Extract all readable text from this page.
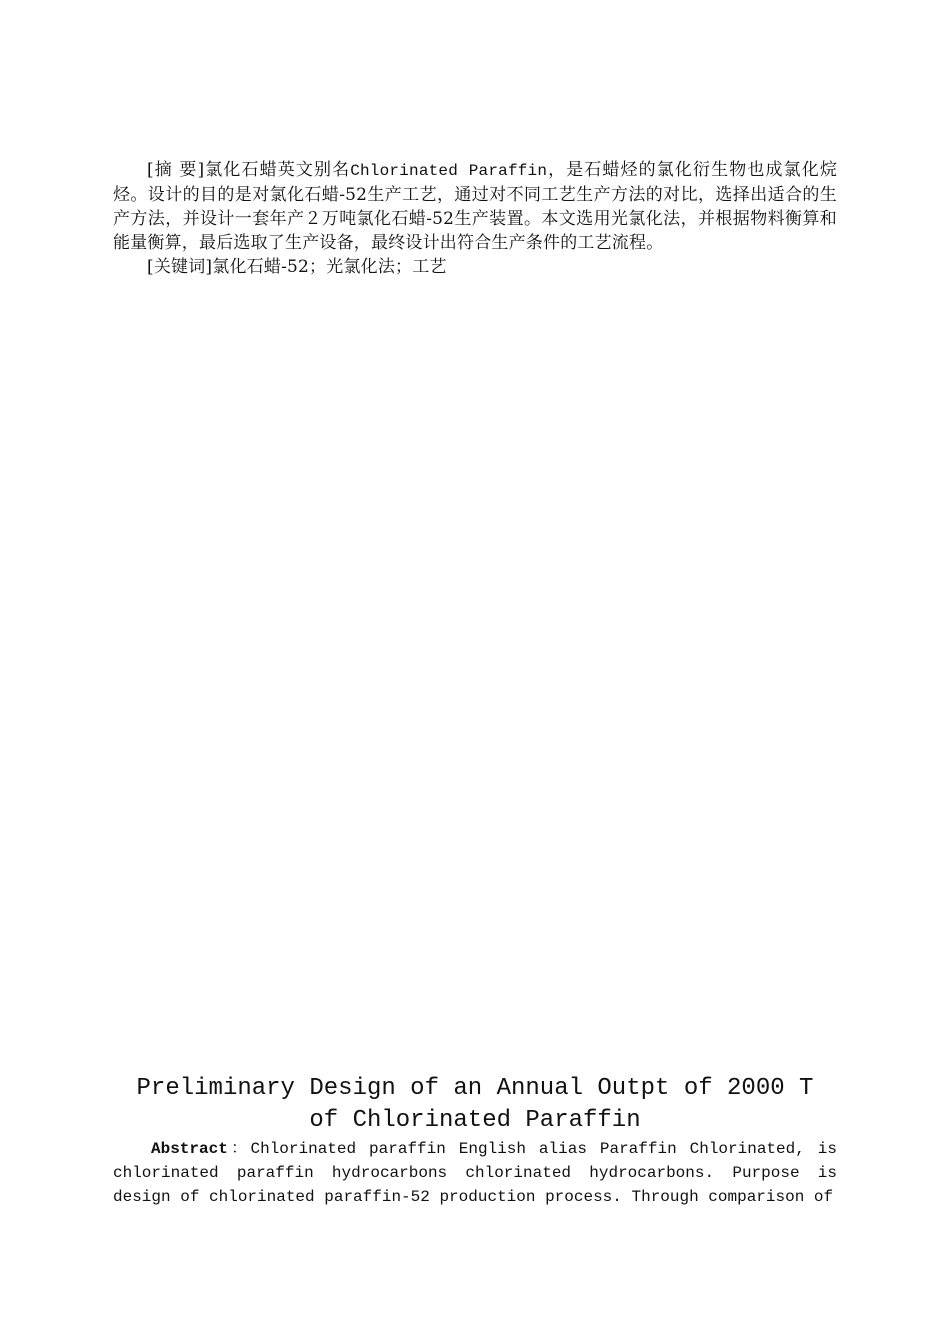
[摘 要]氯化石蜡英文别名Chlorinated Paraffin，是石蜡烃的氯化衍生物也成氯化烷烃。设计的目的是对氯化石蜡-52生产工艺，通过对不同工艺生产方法的对比，选择出适合的生产方法，并设计一套年产２万吨氯化石蜡-52生产装置。本文选用光氯化法，并根据物料衡算和能量衡算，最后选取了生产设备，最终设计出符合生产条件的工艺流程。

[关键词]氯化石蜡-52；光氯化法；工艺

Preliminary Design of an Annual Outpt of 2000 T
of Chlorinated Paraffin

Abstract：Chlorinated paraffin English alias Paraffin Chlorinated, is chlorinated paraffin hydrocarbons chlorinated hydrocarbons. Purpose is design of chlorinated paraffin-52 production process. Through comparison of
